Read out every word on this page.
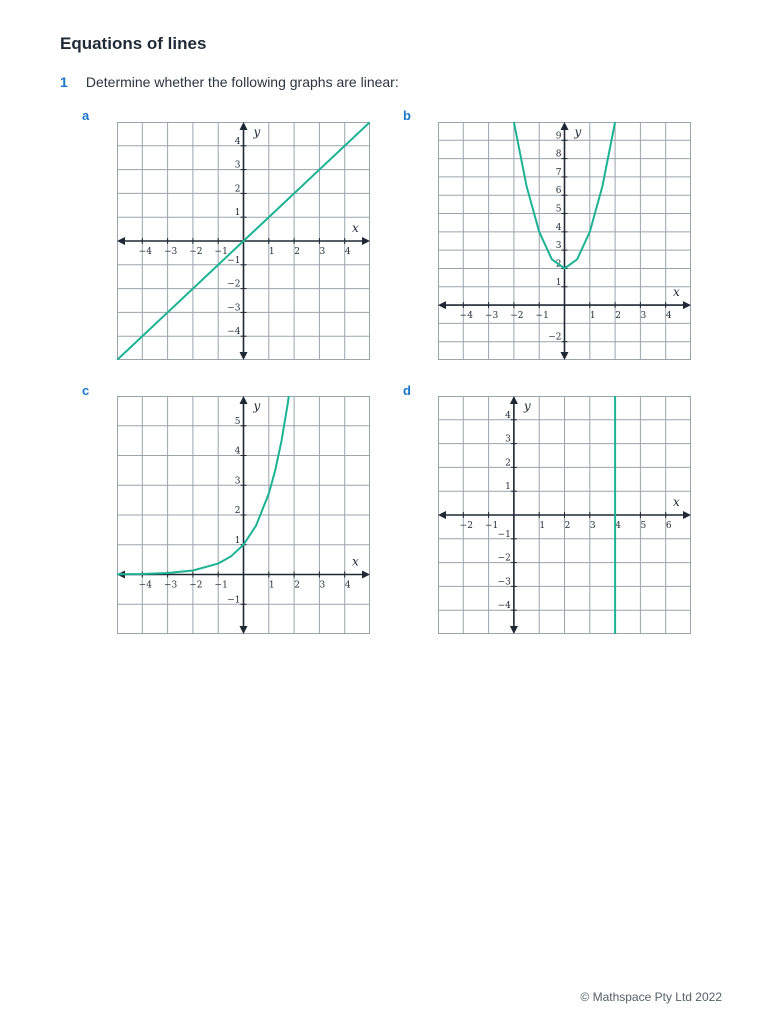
Equations of lines
1 Determine whether the following graphs are linear:
a	b
c	d
−4 −3 −2 −1	1 2 3 4
−4
−3
−2
−1
1
2
3
4
x
y
−4 −3 −2 −1	1 2 3 4
−2
1
2
3
4
5
6
7
8
9
x
y
−4 −3 −2 −1	1 2 3 4
−1
1
2
3
4
5
x
y
−2 −1	1 2 3 4 5 6
−4
−3
−2
−1
1
2
3
4
x
y
© Mathspace Pty Ltd 2022
